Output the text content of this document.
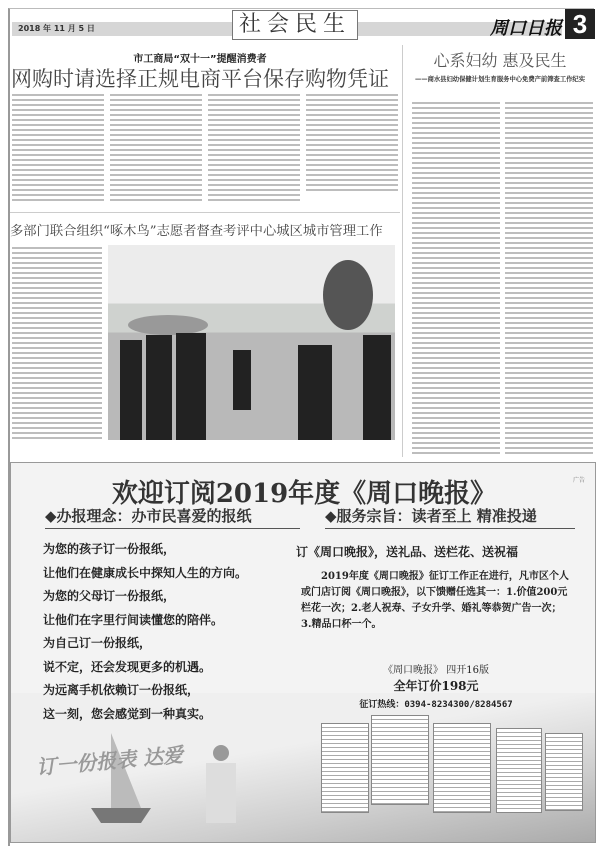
2018 年 11 月 5 日	社会民生	周口日报 3
市工商局“双十一”提醒消费者
网购时请选择正规电商平台保存购物凭证
心系妇幼 惠及民生
——商水县妇幼保健计划生育服务中心免费产前筛查工作纪实
多部门联合组织“啄木鸟”志愿者督查考评中心城区城市管理工作
欢迎订阅2019年度《周口晚报》	广告
◆办报理念：办市民喜爱的报纸	◆服务宗旨：读者至上 精准投递
订一份报表 达爱
为您的孩子订一份报纸，
让他们在健康成长中探知人生的方向。
为您的父母订一份报纸，
让他们在字里行间读懂您的陪伴。
为自己订一份报纸，
说不定，还会发现更多的机遇。
为远离手机依赖订一份报纸，
这一刻，您会感觉到一种真实。
订《周口晚报》，送礼品、送栏花、送祝福
2019年度《周口晚报》征订工作正在进行，凡市区个人或门店订阅《周口晚报》，以下馈赠任选其一：1.价值200元栏花一次；2.老人祝寿、子女升学、婚礼等恭贺广告一次；3.精品口杯一个。
《周口晚报》 四开16版
全年订价198元
征订热线：0394-8234300/8284567
